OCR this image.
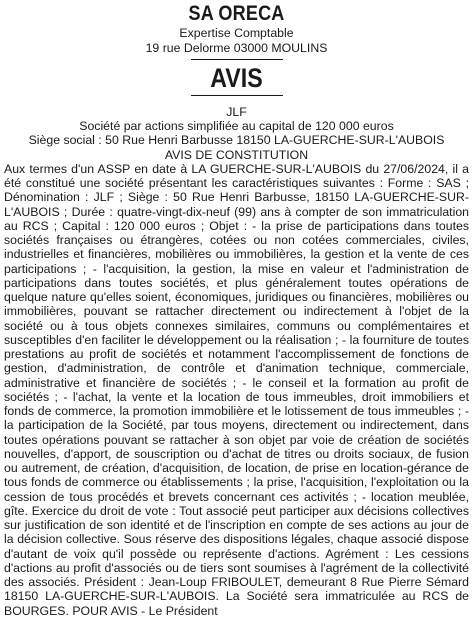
SA ORECA

Expertise Comptable

19 rue Delorme 03000 MOULINS

AVIS

JLF

Société par actions simplifiée au capital de 120 000 euros

Siège social : 50 Rue Henri Barbusse 18150 LA-GUERCHE-SUR-L'AUBOIS

AVIS DE CONSTITUTION

Aux termes d'un ASSP en date à LA GUERCHE-SUR-L'AUBOIS du 27/06/2024, il a été constitué une société présentant les caractéristiques suivantes : Forme : SAS ; Dénomination : JLF ; Siège : 50 Rue Henri Barbusse, 18150 LA-GUERCHE-SUR-L'AUBOIS ; Durée : quatre-vingt-dix-neuf (99) ans à compter de son immatriculation au RCS ; Capital : 120 000 euros ; Objet : - la prise de participations dans toutes sociétés françaises ou étrangères, cotées ou non cotées commerciales, civiles, industrielles et financières, mobilières ou immobilières, la gestion et la vente de ces participations ; - l'acquisition, la gestion, la mise en valeur et l'administration de participations dans toutes sociétés, et plus généralement toutes opérations de quelque nature qu'elles soient, économiques, juridiques ou financières, mobilières ou immobilières, pouvant se rattacher directement ou indirectement à l'objet de la société ou à tous objets connexes similaires, communs ou complémentaires et susceptibles d'en faciliter le développement ou la réalisation ; - la fourniture de toutes prestations au profit de sociétés et notamment l'accomplissement de fonctions de gestion, d'administration, de contrôle et d'animation technique, commerciale, administrative et financière de sociétés ; - le conseil et la formation au profit de sociétés ; - l'achat, la vente et la location de tous immeubles, droit immobiliers et fonds de commerce, la promotion immobilière et le lotissement de tous immeubles ; - la participation de la Société, par tous moyens, directement ou indirectement, dans toutes opérations pouvant se rattacher à son objet par voie de création de sociétés nouvelles, d'apport, de souscription ou d'achat de titres ou droits sociaux, de fusion ou autrement, de création, d'acquisition, de location, de prise en location-gérance de tous fonds de commerce ou établissements ; la prise, l'acquisition, l'exploitation ou la cession de tous procédés et brevets concernant ces activités ; - location meublée, gîte. Exercice du droit de vote : Tout associé peut participer aux décisions collectives sur justification de son identité et de l'inscription en compte de ses actions au jour de la décision collective. Sous réserve des dispositions légales, chaque associé dispose d'autant de voix qu'il possède ou représente d'actions. Agrément : Les cessions d'actions au profit d'associés ou de tiers sont soumises à l'agrément de la collectivité des associés. Président : Jean-Loup FRIBOULET, demeurant 8 Rue Pierre Sémard 18150 LA-GUERCHE-SUR-L'AUBOIS. La Société sera immatriculée au RCS de BOURGES. POUR AVIS - Le Président
